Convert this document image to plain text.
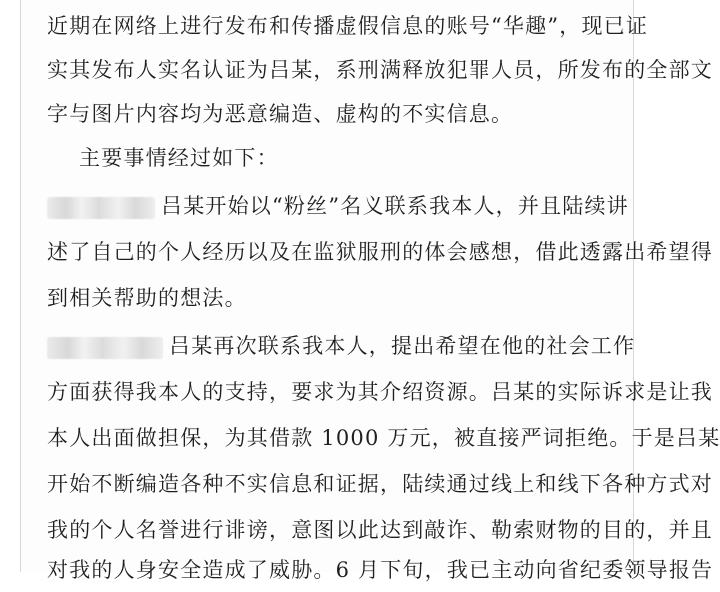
近期在网络上进行发布和传播虚假信息的账号“华趣”，现已证
实其发布人实名认证为吕某，系刑满释放犯罪人员，所发布的全部文
字与图片内容均为恶意编造、虚构的不实信息。
主要事情经过如下：
吕某开始以“粉丝”名义联系我本人，并且陆续讲
述了自己的个人经历以及在监狱服刑的体会感想，借此透露出希望得
到相关帮助的想法。
吕某再次联系我本人，提出希望在他的社会工作
方面获得我本人的支持，要求为其介绍资源。吕某的实际诉求是让我
本人出面做担保，为其借款 1000 万元，被直接严词拒绝。于是吕某
开始不断编造各种不实信息和证据，陆续通过线上和线下各种方式对
我的个人名誉进行诽谤，意图以此达到敲诈、勒索财物的目的，并且
对我的人身安全造成了威胁。6 月下旬，我已主动向省纪委领导报告
